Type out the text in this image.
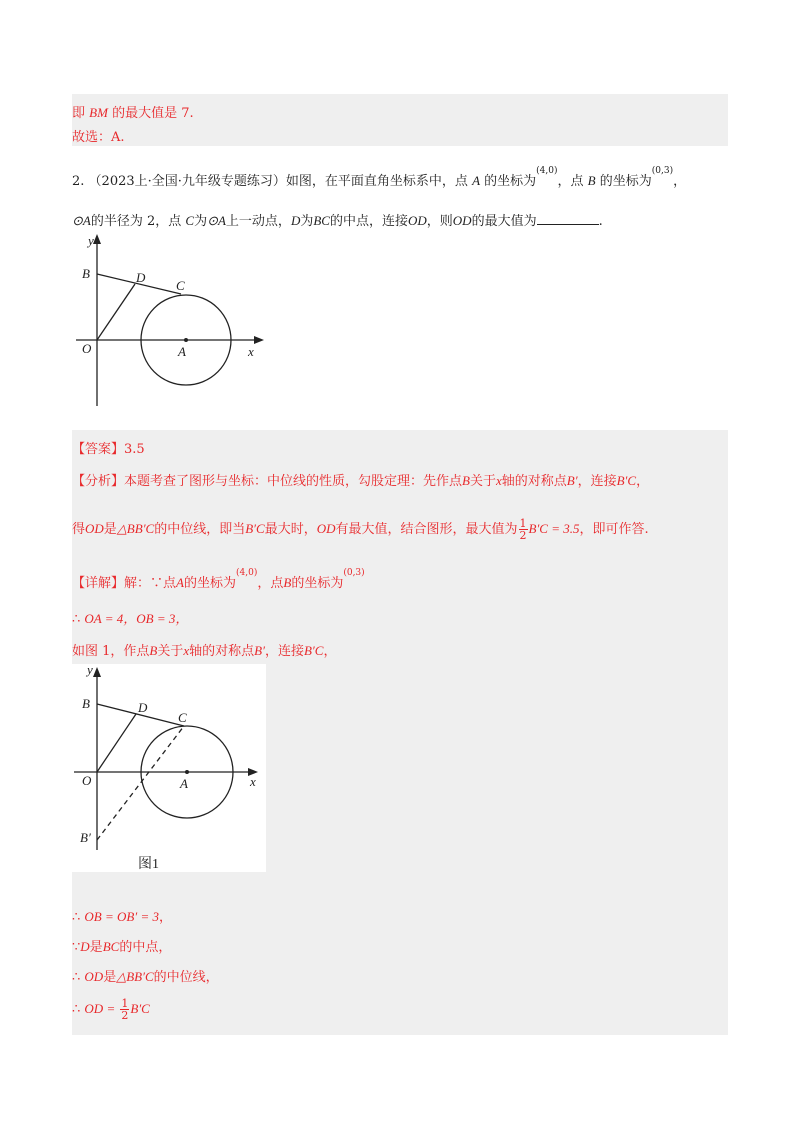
即 BM 的最大值是 7.
故选：A.
2. （2023上·全国·九年级专题练习）如图，在平面直角坐标系中，点 A 的坐标为$^{(4,0)}$，点 B 的坐标为$^{(0,3)}$，
⊙A的半径为 2，点 C为⊙A上一动点，D为BC的中点，连接OD，则OD的最大值为	.
y
B	D
C
O	A	x
【答案】3.5
【分析】本题考查了图形与坐标：中位线的性质，勾股定理：先作点B关于x轴的对称点B′，连接B′C，
得OD是△BB′C的中位线，即当B′C最大时，OD有最大值，结合图形，最大值为 $\frac{1}{2} B'C = 3.5$，即可作答.
【详解】解：∵点A的坐标为$^{(4,0)}$，点B的坐标为$^{(0,3)}$
∴ OA = 4，OB = 3，
如图 1，作点B关于x轴的对称点B′，连接B′C，
y
B	D
C
O	A	x
B′
图1
∴ OB = OB′ = 3，
∵D是BC的中点，
∴ OD是△BB′C的中位线，
∴ OD = $\frac{1}{2} B'C$
